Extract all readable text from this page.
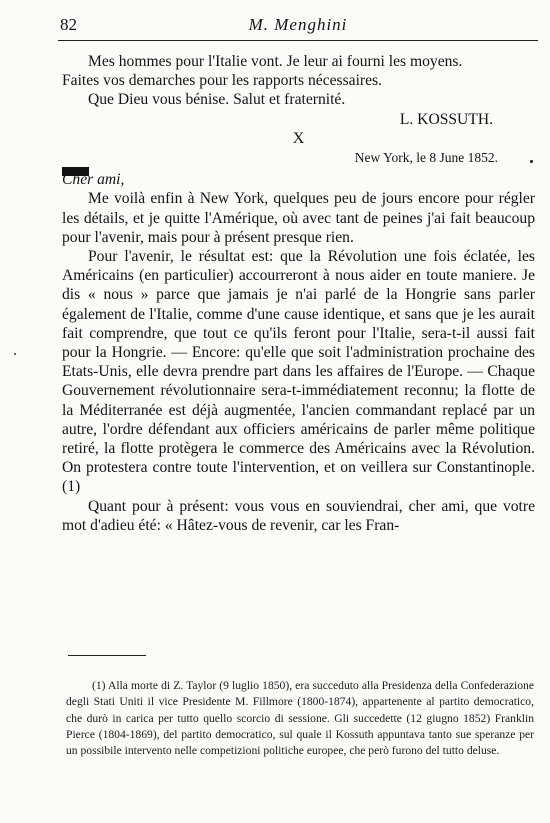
82	M. Menghini

Mes hommes pour l'Italie vont. Je leur ai fourni les moyens.

Faites vos demarches pour les rapports nécessaires.

Que Dieu vous bénise. Salut et fraternité.

L. KOSSUTH.

X

New York, le 8 June 1852.

Cher ami,

Me voilà enfin à New York, quelques peu de jours encore pour régler les détails, et je quitte l'Amérique, où avec tant de peines j'ai fait beaucoup pour l'avenir, mais pour à présent presque rien.

Pour l'avenir, le résultat est: que la Révolution une fois éclatée, les Américains (en particulier) accourreront à nous aider en toute maniere. Je dis « nous » parce que jamais je n'ai parlé de la Hongrie sans parler également de l'Italie, comme d'une cause identique, et sans que je les aurait fait comprendre, que tout ce qu'ils feront pour l'Italie, sera-t-il aussi fait pour la Hongrie. — Encore: qu'elle que soit l'administration prochaine des Etats-Unis, elle devra prendre part dans les affaires de l'Europe. — Chaque Gouvernement révolutionnaire sera-t-immédiatement reconnu; la flotte de la Méditerranée est déjà augmentée, l'ancien commandant replacé par un autre, l'ordre défendant aux officiers américains de parler même politique retiré, la flotte protègera le commerce des Américains avec la Révolution. On protestera contre toute l'intervention, et on veillera sur Constantinople. (1)

Quant pour à présent: vous vous en souviendrai, cher ami, que votre mot d'adieu été: « Hâtez-vous de revenir, car les Fran-

(1) Alla morte di Z. Taylor (9 luglio 1850), era succeduto alla Presidenza della Confederazione degli Stati Uniti il vice Presidente M. Fillmore (1800-1874), appartenente al partito democratico, che durò in carica per tutto quello scorcio di sessione. Gli succedette (12 giugno 1852) Franklin Pierce (1804-1869), del partito democratico, sul quale il Kossuth appuntava tanto sue speranze per un possibile intervento nelle competizioni politiche europee, che però furono del tutto deluse.
